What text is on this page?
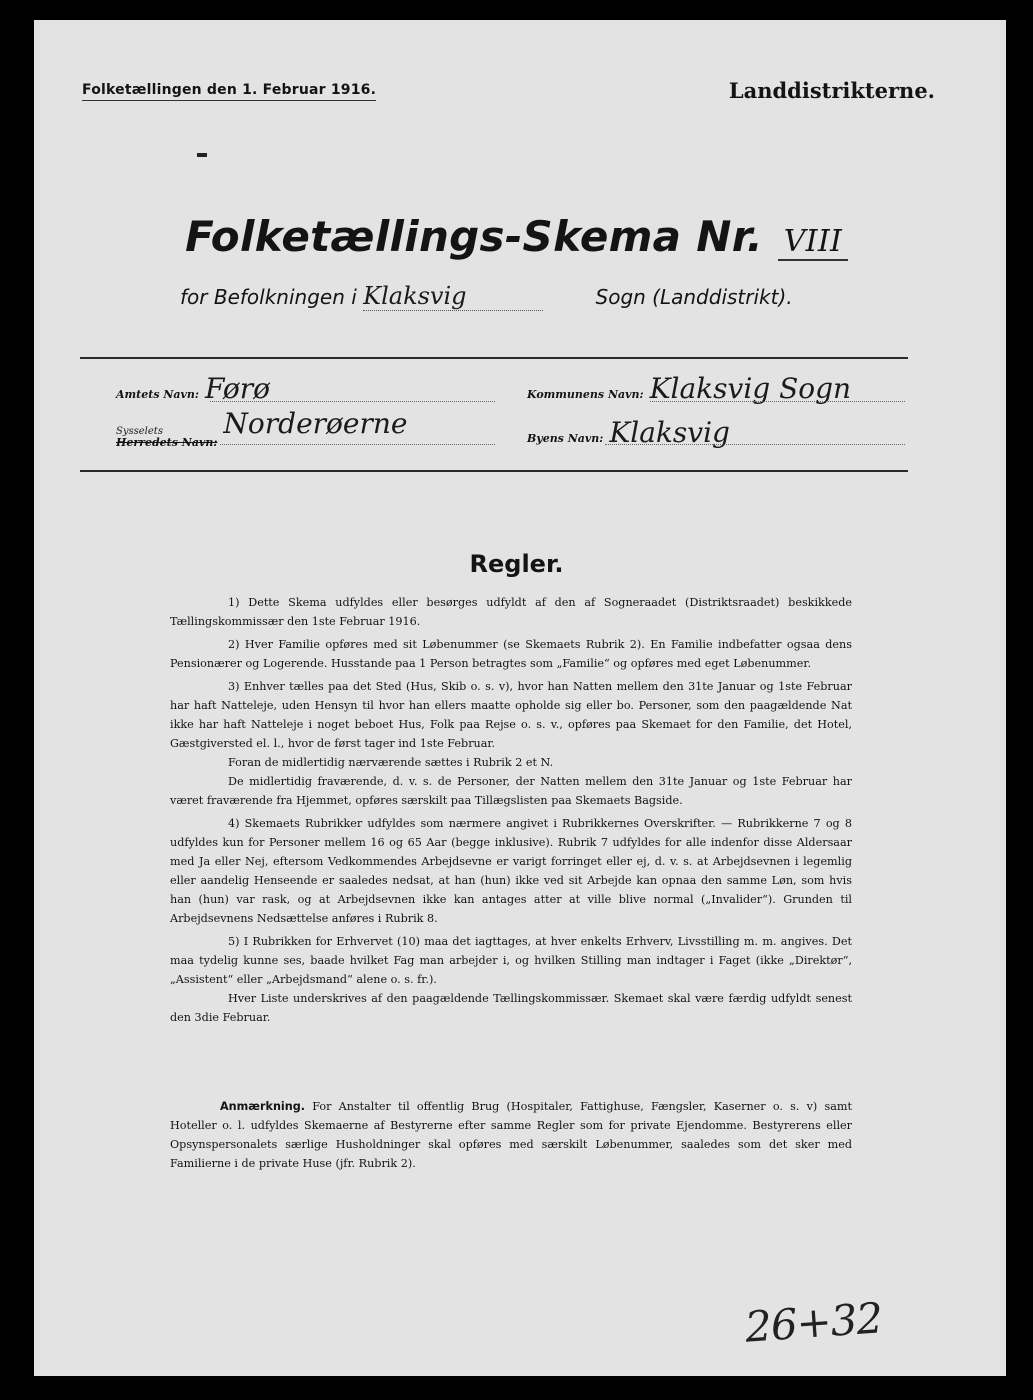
Folketællingen den 1. Februar 1916.	Landdistrikterne.
Folketællings-Skema Nr. VIII
for Befolkningen i Klaksvig	Sogn (Landdistrikt).
Amtets Navn: Førø	Kommunens Navn: Klaksvig Sogn
Sysselets
Herredets Navn:
Norderøerne	Byens Navn: Klaksvig
Regler.

1) Dette Skema udfyldes eller besørges udfyldt af den af Sogneraadet (Distriktsraadet) beskikkede Tællingskommissær den 1ste Februar 1916.

2) Hver Familie opføres med sit Løbenummer (se Skemaets Rubrik 2). En Familie indbefatter ogsaa dens Pensionærer og Logerende. Husstande paa 1 Person betragtes som „Familie“ og opføres med eget Løbenummer.

3) Enhver tælles paa det Sted (Hus, Skib o. s. v), hvor han Natten mellem den 31te Januar og 1ste Februar har haft Natteleje, uden Hensyn til hvor han ellers maatte opholde sig eller bo. Personer, som den paagældende Nat ikke har haft Natteleje i noget beboet Hus, Folk paa Rejse o. s. v., opføres paa Skemaet for den Familie, det Hotel, Gæstgiversted el. l., hvor de først tager ind 1ste Februar.

Foran de midlertidig nærværende sættes i Rubrik 2 et N.

De midlertidig fraværende, d. v. s. de Personer, der Natten mellem den 31te Januar og 1ste Februar har været fraværende fra Hjemmet, opføres særskilt paa Tillægslisten paa Skemaets Bagside.

4) Skemaets Rubrikker udfyldes som nærmere angivet i Rubrikkernes Overskrifter. — Rubrikkerne 7 og 8 udfyldes kun for Personer mellem 16 og 65 Aar (begge inklusive). Rubrik 7 udfyldes for alle indenfor disse Aldersaar med Ja eller Nej, eftersom Vedkommendes Arbejdsevne er varigt forringet eller ej, d. v. s. at Arbejdsevnen i legemlig eller aandelig Henseende er saaledes nedsat, at han (hun) ikke ved sit Arbejde kan opnaa den samme Løn, som hvis han (hun) var rask, og at Arbejdsevnen ikke kan antages atter at ville blive normal („Invalider“). Grunden til Arbejdsevnens Nedsættelse anføres i Rubrik 8.

5) I Rubrikken for Erhvervet (10) maa det iagttages, at hver enkelts Erhverv, Livsstilling m. m. angives. Det maa tydelig kunne ses, baade hvilket Fag man arbejder i, og hvilken Stilling man indtager i Faget (ikke „Direktør“, „Assistent“ eller „Arbejdsmand“ alene o. s. fr.).

Hver Liste underskrives af den paagældende Tællingskommissær. Skemaet skal være færdig udfyldt senest den 3die Februar.

Anmærkning. For Anstalter til offentlig Brug (Hospitaler, Fattighuse, Fængsler, Kaserner o. s. v) samt Hoteller o. l. udfyldes Skemaerne af Bestyrerne efter samme Regler som for private Ejendomme. Bestyrerens eller Opsynspersonalets særlige Husholdninger skal opføres med særskilt Løbenummer, saaledes som det sker med Familierne i de private Huse (jfr. Rubrik 2).

26+32
